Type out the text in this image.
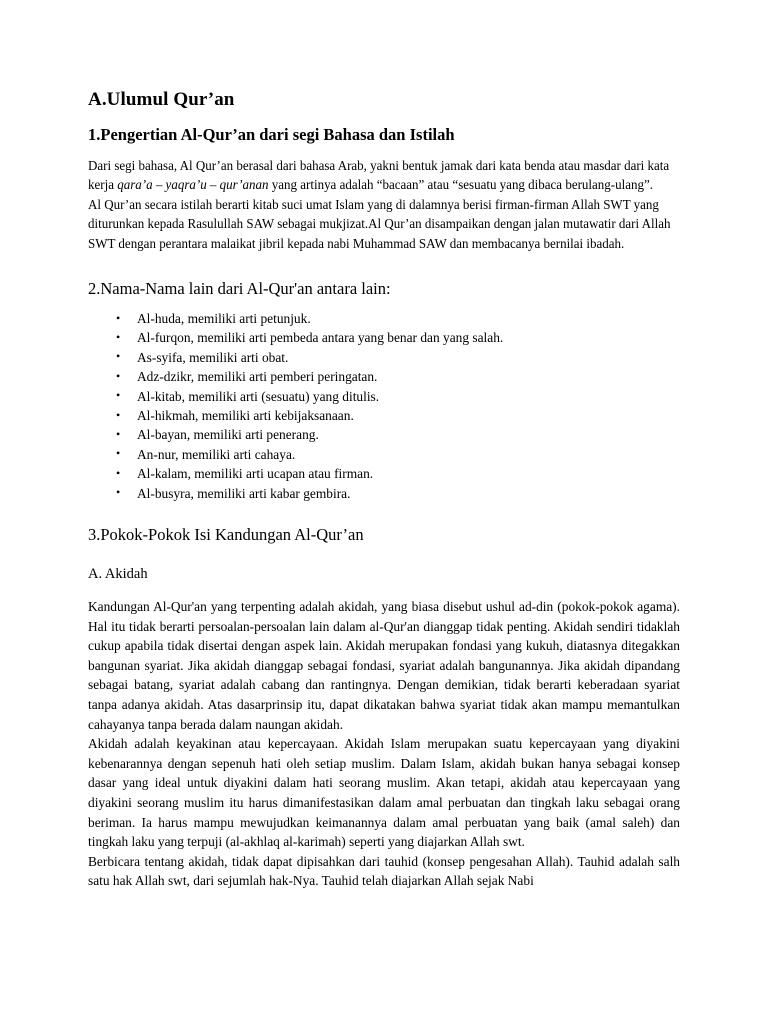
A.Ulumul Qur’an
1.Pengertian Al-Qur’an dari segi Bahasa dan Istilah

Dari segi bahasa, Al Qur’an berasal dari bahasa Arab, yakni bentuk jamak dari kata benda atau masdar dari kata kerja qara’a – yaqra’u – qur’anan yang artinya adalah “bacaan” atau “sesuatu yang dibaca berulang-ulang”.

Al Qur’an secara istilah berarti kitab suci umat Islam yang di dalamnya berisi firman-firman Allah SWT yang diturunkan kepada Rasulullah SAW sebagai mukjizat.Al Qur’an disampaikan dengan jalan mutawatir dari Allah SWT dengan perantara malaikat jibril kepada nabi Muhammad SAW dan membacanya bernilai ibadah.

2.Nama-Nama lain dari Al-Qur'an antara lain:
• Al-huda, memiliki arti petunjuk.
• Al-furqon, memiliki arti pembeda antara yang benar dan yang salah.
• As-syifa, memiliki arti obat.
• Adz-dzikr, memiliki arti pemberi peringatan.
• Al-kitab, memiliki arti (sesuatu) yang ditulis.
• Al-hikmah, memiliki arti kebijaksanaan.
• Al-bayan, memiliki arti penerang.
• An-nur, memiliki arti cahaya.
• Al-kalam, memiliki arti ucapan atau firman.
• Al-busyra, memiliki arti kabar gembira.
3.Pokok-Pokok Isi Kandungan Al-Qur’an
A. Akidah

Kandungan Al-Qur'an yang terpenting adalah akidah, yang biasa disebut ushul ad-din (pokok-pokok agama). Hal itu tidak berarti persoalan-persoalan lain dalam al-Qur'an dianggap tidak penting. Akidah sendiri tidaklah cukup apabila tidak disertai dengan aspek lain. Akidah merupakan fondasi yang kukuh, diatasnya ditegakkan bangunan syariat. Jika akidah dianggap sebagai fondasi, syariat adalah bangunannya. Jika akidah dipandang sebagai batang, syariat adalah cabang dan rantingnya. Dengan demikian, tidak berarti keberadaan syariat tanpa adanya akidah. Atas dasarprinsip itu, dapat dikatakan bahwa syariat tidak akan mampu memantulkan cahayanya tanpa berada dalam naungan akidah.

Akidah adalah keyakinan atau kepercayaan. Akidah Islam merupakan suatu kepercayaan yang diyakini kebenarannya dengan sepenuh hati oleh setiap muslim. Dalam Islam, akidah bukan hanya sebagai konsep dasar yang ideal untuk diyakini dalam hati seorang muslim. Akan tetapi, akidah atau kepercayaan yang diyakini seorang muslim itu harus dimanifestasikan dalam amal perbuatan dan tingkah laku sebagai orang beriman. Ia harus mampu mewujudkan keimanannya dalam amal perbuatan yang baik (amal saleh) dan tingkah laku yang terpuji (al-akhlaq al-karimah) seperti yang diajarkan Allah swt.

Berbicara tentang akidah, tidak dapat dipisahkan dari tauhid (konsep pengesahan Allah). Tauhid adalah salh satu hak Allah swt, dari sejumlah hak-Nya. Tauhid telah diajarkan Allah sejak Nabi
